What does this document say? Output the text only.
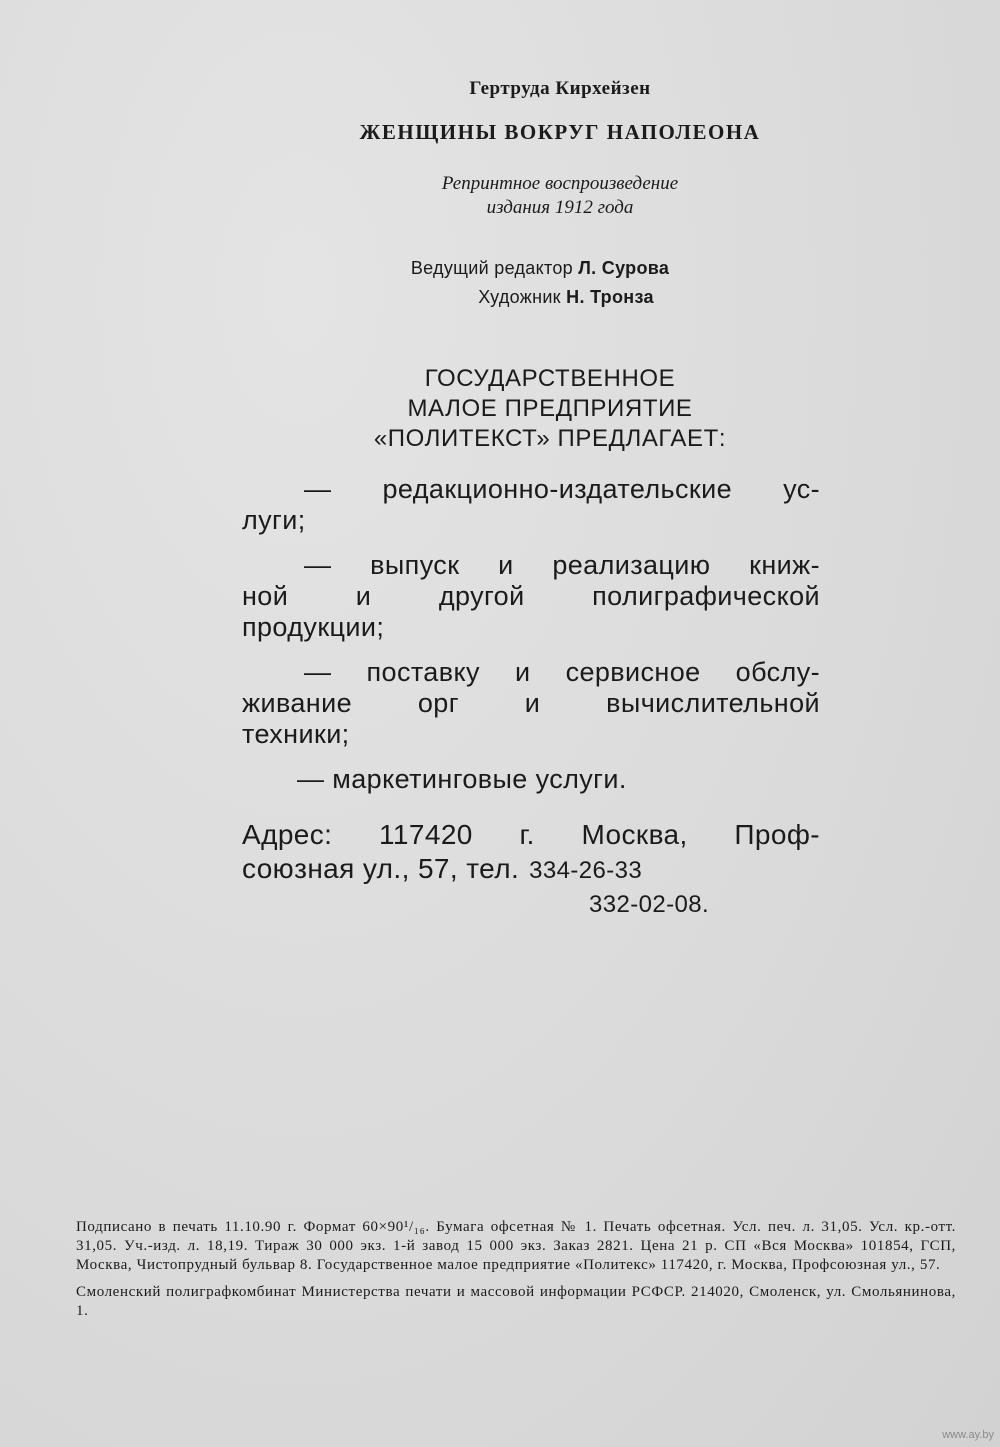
Гертруда Кирхейзен
ЖЕНЩИНЫ ВОКРУГ НАПОЛЕОНА
Репринтное воспроизведение
издания 1912 года
Ведущий редактор Л. Сурова
Художник Н. Тронза
ГОСУДАРСТВЕННОЕ
МАЛОЕ ПРЕДПРИЯТИЕ
«ПОЛИТЕКСТ» ПРЕДЛАГАЕТ:
— редакционно-издательские ус-
луги;
— выпуск и реализацию книж-
ной и другой полиграфической
продукции;
— поставку и сервисное обслу-
живание орг и вычислительной
техники;
— маркетинговые услуги.
Адрес: 117420 г. Москва, Проф-
союзная ул., 57, тел. 334-26-33
332-02-08.

Подписано в печать 11.10.90 г. Формат 60×90¹/₁₆. Бумага офсетная № 1. Печать офсетная. Усл. печ. л. 31,05. Усл. кр.-отт. 31,05. Уч.-изд. л. 18,19. Тираж 30 000 экз. 1-й завод 15 000 экз. Заказ 2821. Цена 21 р. СП «Вся Москва» 101854, ГСП, Москва, Чистопрудный бульвар 8. Государственное малое предприятие «Политекс» 117420, г. Москва, Профсоюзная ул., 57.

Смоленский полиграфкомбинат Министерства печати и массовой информации РСФСР. 214020, Смоленск, ул. Смольянинова, 1.

www.ay.by
